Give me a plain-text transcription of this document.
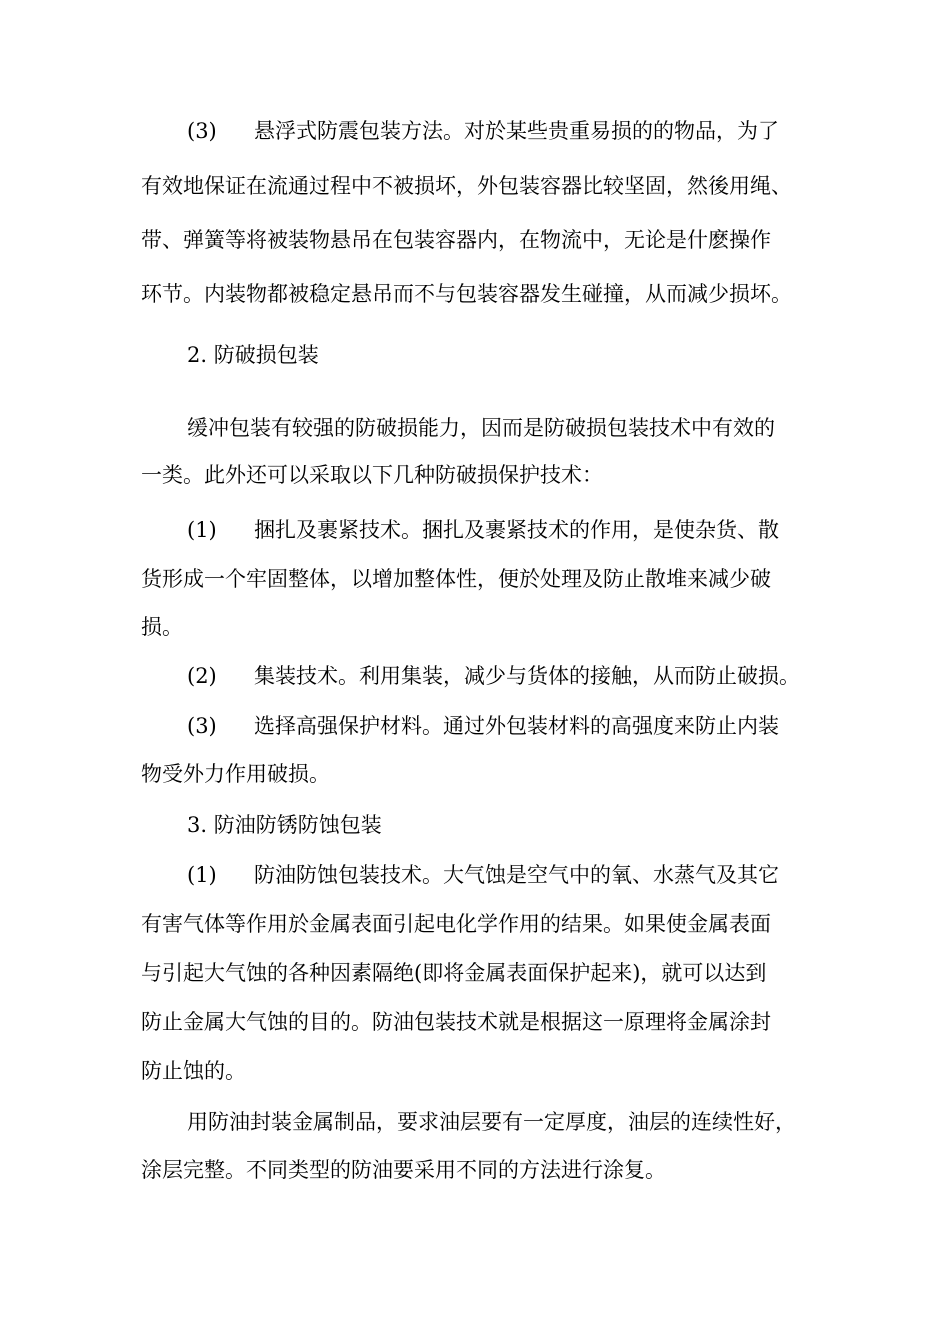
(3) 悬浮式防震包装方法。对於某些贵重易损的的物品，为了
有效地保证在流通过程中不被损坏，外包装容器比较坚固，然後用绳、
带、弹簧等将被装物悬吊在包装容器内，在物流中，无论是什麽操作
环节。内装物都被稳定悬吊而不与包装容器发生碰撞，从而减少损坏。
2. 防破损包装
缓冲包装有较强的防破损能力，因而是防破损包装技术中有效的
一类。此外还可以采取以下几种防破损保护技术：
(1) 捆扎及裹紧技术。捆扎及裹紧技术的作用，是使杂货、散
货形成一个牢固整体，以增加整体性，便於处理及防止散堆来减少破
损。
(2) 集装技术。利用集装，减少与货体的接触，从而防止破损。
(3) 选择高强保护材料。通过外包装材料的高强度来防止内装
物受外力作用破损。
3. 防油防锈防蚀包装
(1) 防油防蚀包装技术。大气蚀是空气中的氧、水蒸气及其它
有害气体等作用於金属表面引起电化学作用的结果。如果使金属表面
与引起大气蚀的各种因素隔绝(即将金属表面保护起来)，就可以达到
防止金属大气蚀的目的。防油包装技术就是根据这一原理将金属涂封
防止蚀的。
用防油封装金属制品，要求油层要有一定厚度，油层的连续性好，
涂层完整。不同类型的防油要采用不同的方法进行涂复。
